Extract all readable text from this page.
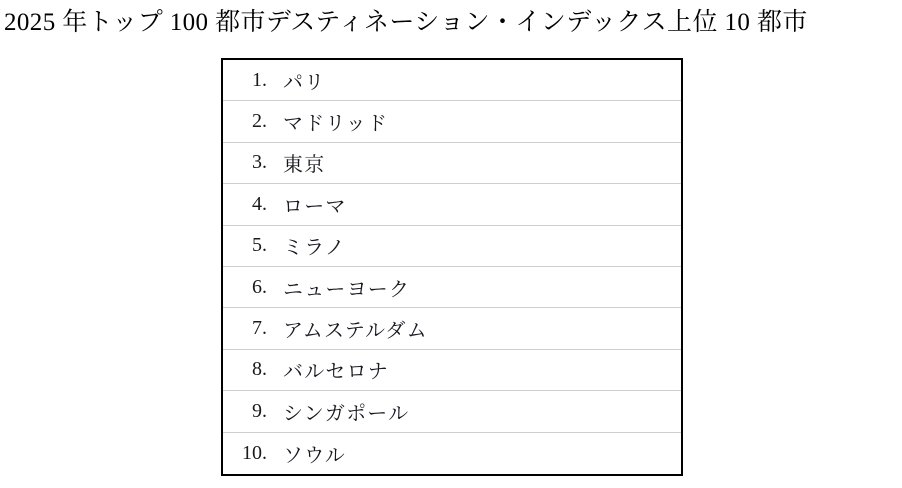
2025 年トップ 100 都市デスティネーション・インデックス上位 10 都市
1. パリ
2. マドリッド
3. 東京
4. ローマ
5. ミラノ
6. ニューヨーク
7. アムステルダム
8. バルセロナ
9. シンガポール
10. ソウル
